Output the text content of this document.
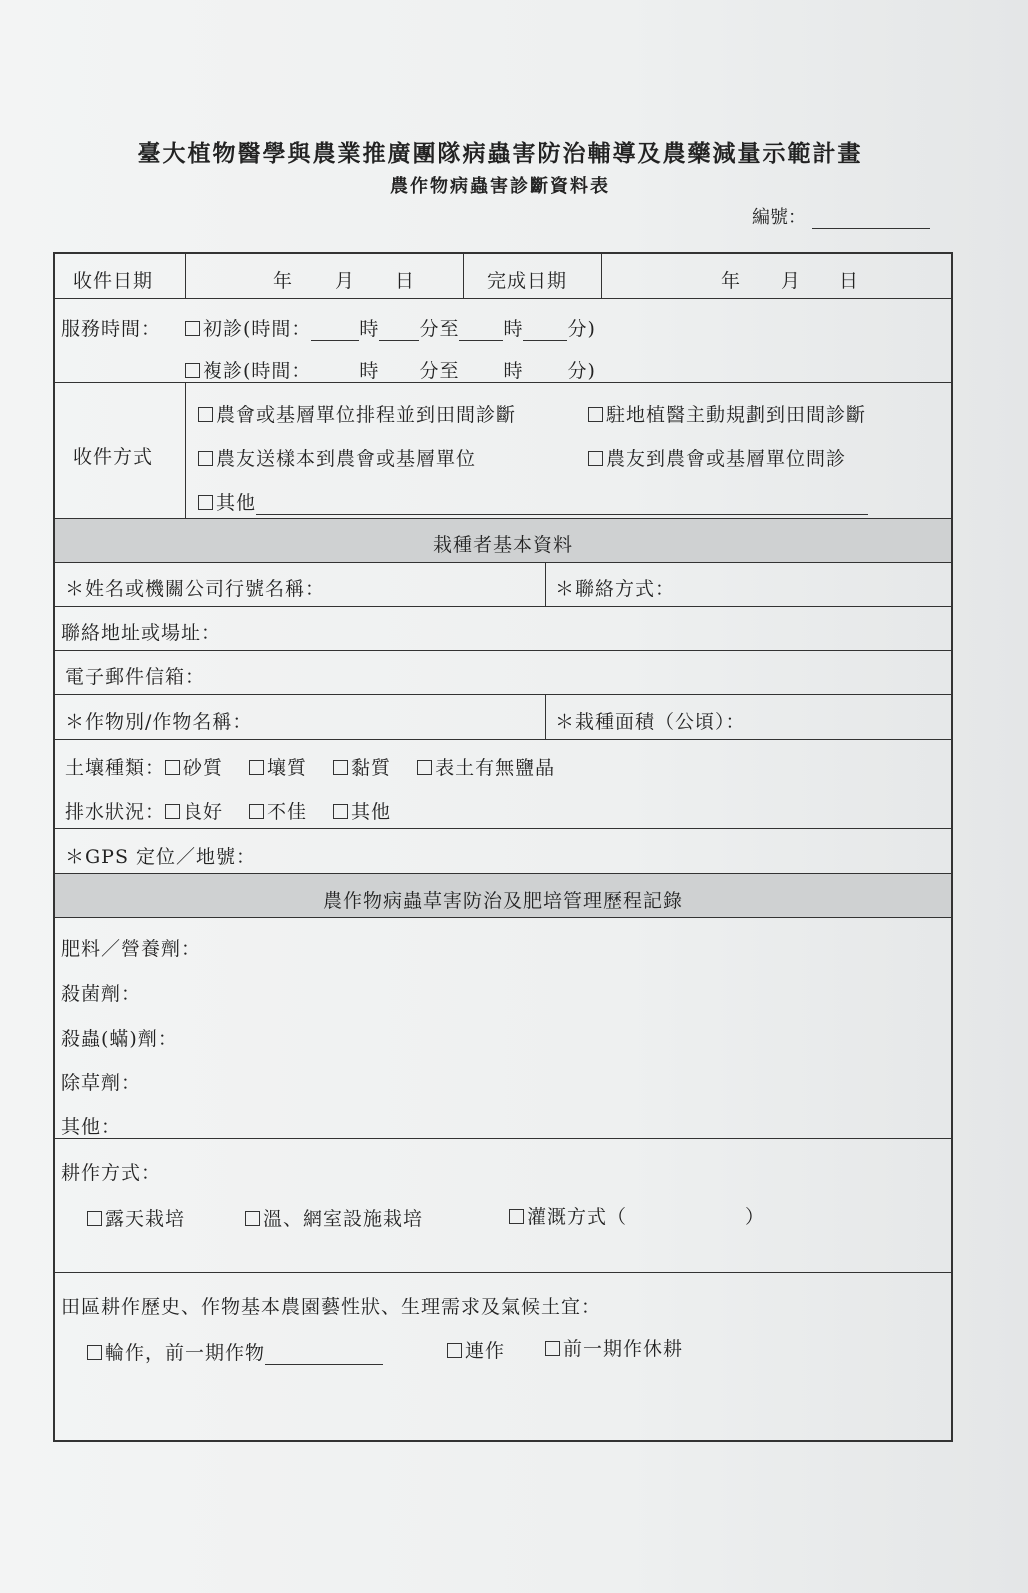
臺大植物醫學與農業推廣團隊病蟲害防治輔導及農藥減量示範計畫
農作物病蟲害診斷資料表
編號：
收件日期	年 月 日	完成日期	年 月 日
服務時間：	初診(時間：	時 分至 時 分)
複診(時間：	時 分至 時 分)
收件方式
農會或基層單位排程並到田間診斷	駐地植醫主動規劃到田間診斷
農友送樣本到農會或基層單位	農友到農會或基層單位問診
其他
栽種者基本資料
＊姓名或機關公司行號名稱：	＊聯絡方式：
聯絡地址或場址：
電子郵件信箱：
＊作物別/作物名稱：	＊栽種面積（公頃）：
土壤種類： 砂質 壤質 黏質 表土有無鹽晶
排水狀況： 良好 不佳 其他
＊GPS 定位／地號：
農作物病蟲草害防治及肥培管理歷程記錄
肥料／營養劑：
殺菌劑：
殺蟲(蟎)劑：
除草劑：
其他：
耕作方式：
露天栽培	溫、網室設施栽培	灌溉方式（	）
田區耕作歷史、作物基本農園藝性狀、生理需求及氣候土宜：
輪作，前一期作物	連作	前一期作休耕
